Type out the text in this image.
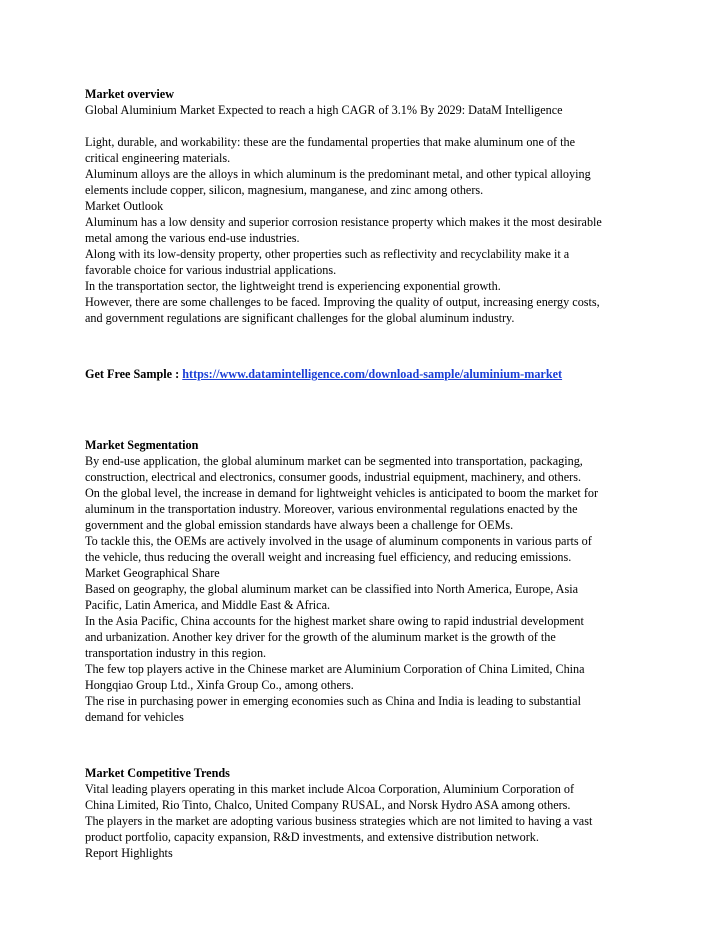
Market overview
Global Aluminium Market Expected to reach a high CAGR of 3.1% By 2029: DataM Intelligence
Light, durable, and workability: these are the fundamental properties that make aluminum one of the
critical engineering materials.
Aluminum alloys are the alloys in which aluminum is the predominant metal, and other typical alloying
elements include copper, silicon, magnesium, manganese, and zinc among others.
Market Outlook
Aluminum has a low density and superior corrosion resistance property which makes it the most desirable
metal among the various end-use industries.
Along with its low-density property, other properties such as reflectivity and recyclability make it a
favorable choice for various industrial applications.
In the transportation sector, the lightweight trend is experiencing exponential growth.
However, there are some challenges to be faced. Improving the quality of output, increasing energy costs,
and government regulations are significant challenges for the global aluminum industry.
Get Free Sample : https://www.datamintelligence.com/download-sample/aluminium-market
Market Segmentation
By end-use application, the global aluminum market can be segmented into transportation, packaging,
construction, electrical and electronics, consumer goods, industrial equipment, machinery, and others.
On the global level, the increase in demand for lightweight vehicles is anticipated to boom the market for
aluminum in the transportation industry. Moreover, various environmental regulations enacted by the
government and the global emission standards have always been a challenge for OEMs.
To tackle this, the OEMs are actively involved in the usage of aluminum components in various parts of
the vehicle, thus reducing the overall weight and increasing fuel efficiency, and reducing emissions.
Market Geographical Share
Based on geography, the global aluminum market can be classified into North America, Europe, Asia
Pacific, Latin America, and Middle East & Africa.
In the Asia Pacific, China accounts for the highest market share owing to rapid industrial development
and urbanization. Another key driver for the growth of the aluminum market is the growth of the
transportation industry in this region.
The few top players active in the Chinese market are Aluminium Corporation of China Limited, China
Hongqiao Group Ltd., Xinfa Group Co., among others.
The rise in purchasing power in emerging economies such as China and India is leading to substantial
demand for vehicles
Market Competitive Trends
Vital leading players operating in this market include Alcoa Corporation, Aluminium Corporation of
China Limited, Rio Tinto, Chalco, United Company RUSAL, and Norsk Hydro ASA among others.
The players in the market are adopting various business strategies which are not limited to having a vast
product portfolio, capacity expansion, R&D investments, and extensive distribution network.
Report Highlights
